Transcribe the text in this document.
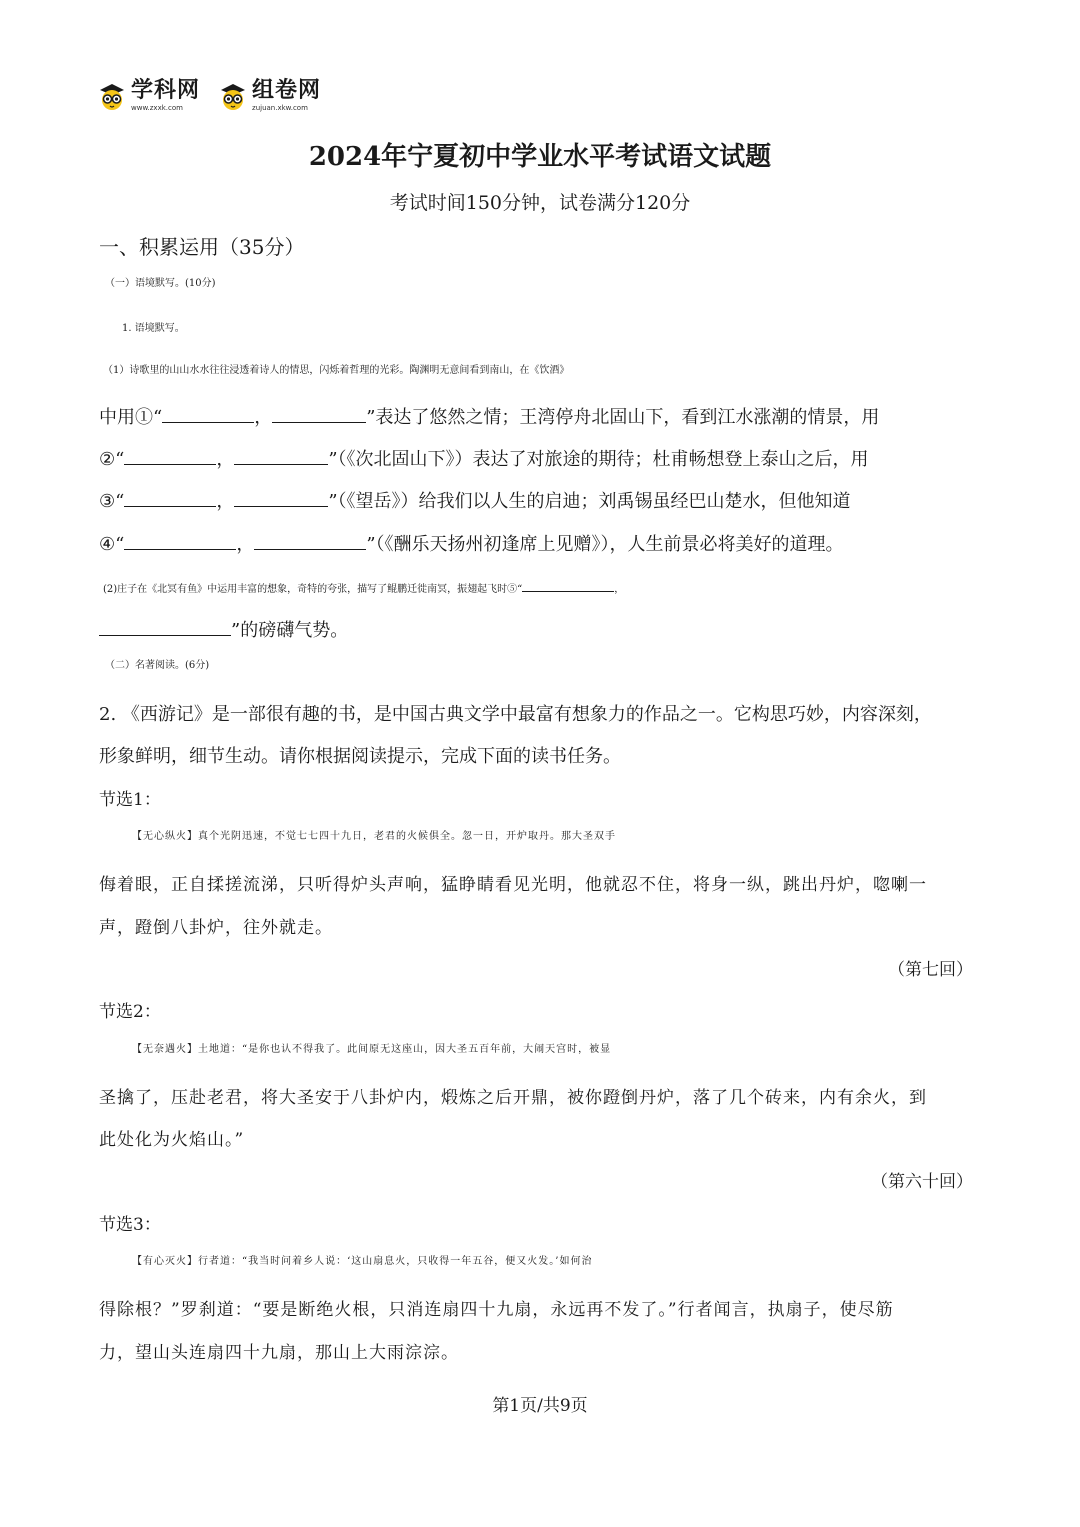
学科网
www.zxxk.com
组卷网
zujuan.xkw.com
2024年宁夏初中学业水平考试语文试题
考试时间150分钟，试卷满分120分
一、积累运用（35分）
（一）语境默写。(10分)
1. 语境默写。
（1）诗歌里的山山水水往往浸透着诗人的情思，闪烁着哲理的光彩。陶渊明无意间看到南山，在《饮酒》
中用①“	，	”表达了悠然之情；王湾停舟北固山下，看到江水涨潮的情景，用
②“	，	”（《次北固山下》）表达了对旅途的期待；杜甫畅想登上泰山之后，用
③“	，	”（《望岳》）给我们以人生的启迪；刘禹锡虽经巴山楚水，但他知道
④“	，	”（《酬乐天扬州初逢席上见赠》），人生前景必将美好的道理。
(2)庄子在《北冥有鱼》中运用丰富的想象，奇特的夸张，描写了鲲鹏迁徙南冥，振翅起飞时⑤“	，
”的磅礴气势。
（二）名著阅读。(6分)
2. 《西游记》是一部很有趣的书，是中国古典文学中最富有想象力的作品之一。它构思巧妙，内容深刻，
形象鲜明，细节生动。请你根据阅读提示，完成下面的读书任务。
节选1：
【无心纵火】真个光阴迅速，不觉七七四十九日，老君的火候俱全。忽一日，开炉取丹。那大圣双手
侮着眼，正自揉搓流涕，只听得炉头声响，猛睁睛看见光明，他就忍不住，将身一纵，跳出丹炉，唿喇一
声，蹬倒八卦炉，往外就走。
（第七回）
节选2：
【无奈遇火】土地道：“是你也认不得我了。此间原无这座山，因大圣五百年前，大闹天宫时，被显
圣擒了，压赴老君，将大圣安于八卦炉内，煅炼之后开鼎，被你蹬倒丹炉，落了几个砖来，内有余火，到
此处化为火焰山。”
（第六十回）
节选3：
【有心灭火】行者道：“我当时问着乡人说：‘这山扇息火，只收得一年五谷，便又火发。’如何治
得除根？”罗刹道：“要是断绝火根，只消连扇四十九扇，永远再不发了。”行者闻言，执扇子，使尽筋
力，望山头连扇四十九扇，那山上大雨淙淙。
第1页/共9页
